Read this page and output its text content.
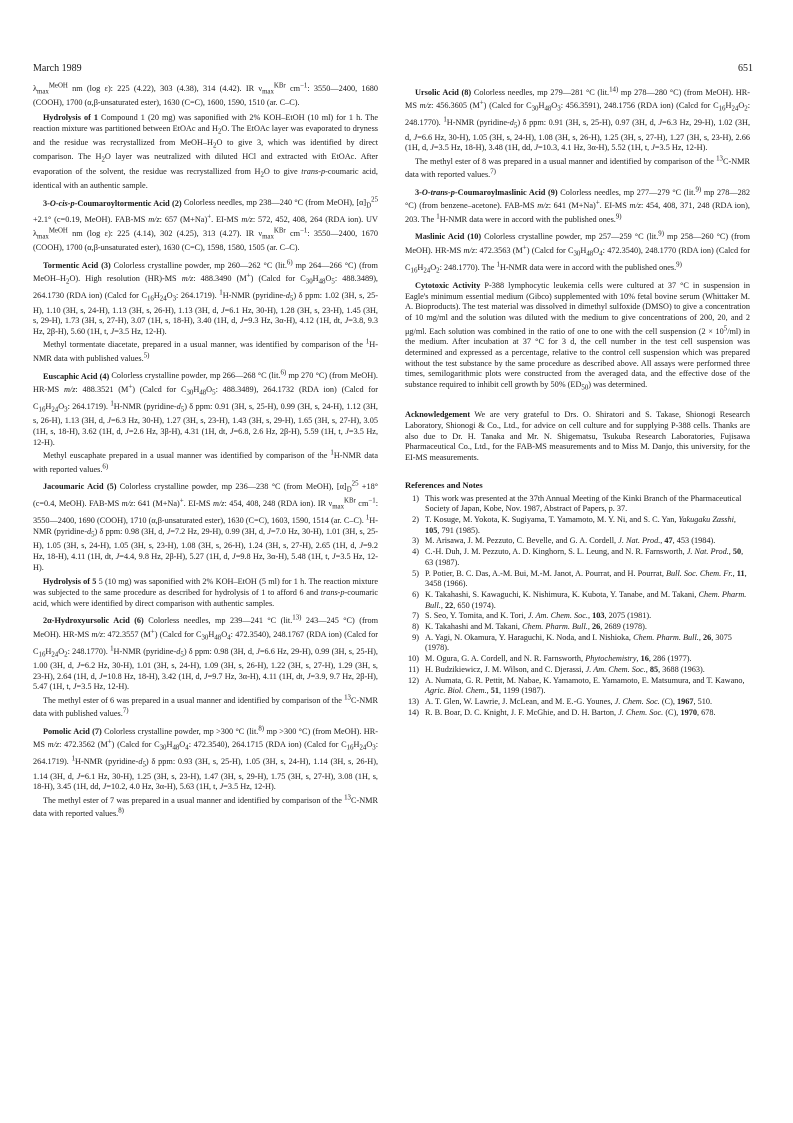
March 1989	651

$\lambda_{max}^{MeOH}$ nm (log ε): 225 (4.22), 303 (4.38), 314 (4.42). IR $\nu_{max}^{KBr}$ $cm^{-1}$: 3550—2400, 1680 (COOH), 1700 (α,β-unsaturated ester), 1630 (C=C), 1600, 1590, 1510 (ar. C–C).

Hydrolysis of 1 Compound 1 (20 mg) was saponified with 2% KOH–EtOH (10 ml) for 1 h. The reaction mixture was partitioned between EtOAc and $H_2O$. The EtOAc layer was evaporated to dryness and the residue was recrystallized from MeOH–$H_2O$ to give 3, which was identified by direct comparison. The $H_2O$ layer was neutralized with diluted HCl and extracted with EtOAc. After evaporation of the solvent, the residue was recrystallized from $H_2O$ to give trans-p-coumaric acid, identical with an authentic sample.

3-O-cis-p-Coumaroyltormentic Acid (2) Colorless needles, mp 238—240 °C (from MeOH), $[\alpha]_D^{25} +2.1^\circ$ (c=0.19, MeOH). FAB-MS m/z: 657 (M+Na)+. EI-MS m/z: 572, 452, 408, 264 (RDA ion). UV $\lambda_{max}^{MeOH}$ nm (log ε): 225 (4.14), 302 (4.25), 313 (4.27). IR $\nu_{max}^{KBr}$ $cm^{-1}$: 3550—2400, 1670 (COOH), 1700 (α,β-unsaturated ester), 1630 (C=C), 1598, 1580, 1505 (ar. C–C).

Tormentic Acid (3) Colorless crystalline powder, mp 260—262 °C (lit.$^{6)}$ mp 264—266 °C) (from MeOH–$H_2O$). High resolution (HR)-MS m/z: 488.3490 (M+) (Calcd for $C_{30}H_{48}O_5$: 488.3489), 264.1730 (RDA ion) (Calcd for $C_{16}H_{24}O_3$: 264.1719). $^1$H-NMR $(pyridine-d_5)$ δ ppm: 1.02 (3H, s, 25-H), 1.10 (3H, s, 24-H), 1.13 (3H, s, 26-H), 1.13 (3H, d, J=6.1 Hz, 30-H), 1.28 (3H, s, 23-H), 1.45 (3H, s, 29-H), 1.73 (3H, s, 27-H), 3.07 (1H, s, 18-H), 3.40 (1H, d, J=9.3 Hz, 3α-H), 4.12 (1H, dt, J=3.8, 9.3 Hz, 2β-H), 5.60 (1H, t, J=3.5 Hz, 12-H).

Methyl tormentate diacetate, prepared in a usual manner, was identified by comparison of the $^1$H-NMR data with published values.$^{5)}$

Euscaphic Acid (4) Colorless crystalline powder, mp 266—268 °C (lit.$^{6)}$ mp 270 °C) (from MeOH). HR-MS m/z: 488.3521 (M+) (Calcd for $C_{30}H_{48}O_5$: 488.3489), 264.1732 (RDA ion) (Calcd for $C_{16}H_{24}O_3$: 264.1719). $^1$H-NMR $(pyridine-d_5)$ δ ppm: 0.91 (3H, s, 25-H), 0.99 (3H, s, 24-H), 1.12 (3H, s, 26-H), 1.13 (3H, d, J=6.3 Hz, 30-H), 1.27 (3H, s, 23-H), 1.43 (3H, s, 29-H), 1.65 (3H, s, 27-H), 3.05 (1H, s, 18-H), 3.62 (1H, d, J=2.6 Hz, 3β-H), 4.31 (1H, dt, J=6.8, 2.6 Hz, 2β-H), 5.59 (1H, t, J=3.5 Hz, 12-H).

Methyl euscaphate prepared in a usual manner was identified by comparison of the $^1$H-NMR data with reported values.$^{6)}$

Jacoumaric Acid (5) Colorless crystalline powder, mp 236—238 °C (from MeOH), $[\alpha]_D^{25} +18^\circ$ (c=0.4, MeOH). FAB-MS m/z: 641 (M+Na)+. EI-MS m/z: 454, 408, 248 (RDA ion). IR $\nu_{max}^{KBr}$ $cm^{-1}$: 3550—2400, 1690 (COOH), 1710 (α,β-unsaturated ester), 1630 (C=C), 1603, 1590, 1514 (ar. C–C). $^1$H-NMR $(pyridine-d_5)$ δ ppm: 0.98 (3H, d, J=7.2 Hz, 29-H), 0.99 (3H, d, J=7.0 Hz, 30-H), 1.01 (3H, s, 25-H), 1.05 (3H, s, 24-H), 1.05 (3H, s, 23-H), 1.08 (3H, s, 26-H), 1.24 (3H, s, 27-H), 2.65 (1H, d, J=9.2 Hz, 18-H), 4.11 (1H, dt, J=4.4, 9.8 Hz, 2β-H), 5.27 (1H, d, J=9.8 Hz, 3α-H), 5.48 (1H, t, J=3.5 Hz, 12-H).

Hydrolysis of 5 5 (10 mg) was saponified with 2% KOH–EtOH (5 ml) for 1 h. The reaction mixture was subjected to the same procedure as described for hydrolysis of 1 to afford 6 and trans-p-coumaric acid, which were identified by direct comparison with authentic samples.

2α-Hydroxyursolic Acid (6) Colorless needles, mp 239—241 °C (lit.$^{13)}$ 243—245 °C) (from MeOH). HR-MS m/z: 472.3557 (M+) (Calcd for $C_{30}H_{48}O_4$: 472.3540), 248.1767 (RDA ion) (Calcd for $C_{16}H_{24}O_2$: 248.1770). $^1$H-NMR $(pyridine-d_5)$ δ ppm: 0.98 (3H, d, J=6.6 Hz, 29-H), 0.99 (3H, s, 25-H), 1.00 (3H, d, J=6.2 Hz, 30-H), 1.01 (3H, s, 24-H), 1.09 (3H, s, 26-H), 1.22 (3H, s, 27-H), 1.29 (3H, s, 23-H), 2.64 (1H, d, J=10.8 Hz, 18-H), 3.42 (1H, d, J=9.7 Hz, 3α-H), 4.11 (1H, dt, J=3.9, 9.7 Hz, 2β-H), 5.47 (1H, t, J=3.5 Hz, 12-H).

The methyl ester of 6 was prepared in a usual manner and identified by comparison of the $^{13}$C-NMR data with published values.$^{7)}$

Pomolic Acid (7) Colorless crystalline powder, mp >300 °C (lit.$^{8)}$ mp >300 °C) (from MeOH). HR-MS m/z: 472.3562 (M+) (Calcd for $C_{30}H_{48}O_4$: 472.3540), 264.1715 (RDA ion) (Calcd for $C_{16}H_{24}O_3$: 264.1719). $^1$H-NMR $(pyridine-d_5)$ δ ppm: 0.93 (3H, s, 25-H), 1.05 (3H, s, 24-H), 1.14 (3H, s, 26-H), 1.14 (3H, d, J=6.1 Hz, 30-H), 1.25 (3H, s, 23-H), 1.47 (3H, s, 29-H), 1.75 (3H, s, 27-H), 3.08 (1H, s, 18-H), 3.45 (1H, dd, J=10.2, 4.0 Hz, 3α-H), 5.63 (1H, t, J=3.5 Hz, 12-H).

The methyl ester of 7 was prepared in a usual manner and identified by comparison of the $^{13}$C-NMR data with reported values.$^{8)}$

Ursolic Acid (8) Colorless needles, mp 279—281 °C (lit.$^{14)}$ mp 278—280 °C) (from MeOH). HR-MS m/z: 456.3605 (M+) (Calcd for $C_{30}H_{48}O_3$: 456.3591), 248.1756 (RDA ion) (Calcd for $C_{16}H_{24}O_2$: 248.1770). $^1$H-NMR $(pyridine-d_5)$ δ ppm: 0.91 (3H, s, 25-H), 0.97 (3H, d, J=6.3 Hz, 29-H), 1.02 (3H, d, J=6.6 Hz, 30-H), 1.05 (3H, s, 24-H), 1.08 (3H, s, 26-H), 1.25 (3H, s, 27-H), 1.27 (3H, s, 23-H), 2.66 (1H, d, J=3.5 Hz, 18-H), 3.48 (1H, dd, J=10.3, 4.1 Hz, 3α-H), 5.52 (1H, t, J=3.5 Hz, 12-H).

The methyl ester of 8 was prepared in a usual manner and identified by comparison of the $^{13}$C-NMR data with reported values.$^{7)}$

3-O-trans-p-Coumaroylmaslinic Acid (9) Colorless needles, mp 277—279 °C (lit.$^{9)}$ mp 278—282 °C) (from benzene–acetone). FAB-MS m/z: 641 (M+Na)+. EI-MS m/z: 454, 408, 371, 248 (RDA ion), 203. The $^1$H-NMR data were in accord with the published ones.$^{9)}$

Maslinic Acid (10) Colorless crystalline powder, mp 257—259 °C (lit.$^{9)}$ mp 258—260 °C) (from MeOH). HR-MS m/z: 472.3563 (M+) (Calcd for $C_{30}H_{48}O_4$: 472.3540), 248.1770 (RDA ion) (Calcd for $C_{16}H_{24}O_2$: 248.1770). The $^1$H-NMR data were in accord with the published ones.$^{9)}$

Cytotoxic Activity P-388 lymphocytic leukemia cells were cultured at 37 °C in suspension in Eagle's minimum essential medium (Gibco) supplemented with 10% fetal bovine serum (Whittaker M. A. Bioproducts). The test material was dissolved in dimethyl sulfoxide (DMSO) to give a concentration of 10 mg/ml and the solution was diluted with the medium to give concentrations of 200, 20, and 2 μg/ml. Each solution was combined in the ratio of one to one with the cell suspension $(2 \times 10^5/ml)$ in the medium. After incubation at 37 °C for 3 d, the cell number in the test cell suspension was determined and expressed as a percentage, relative to the control cell suspension which was prepared without the test substance by the same procedure as described above. All assays were performed three times, semilogarithmic plots were constructed from the averaged data, and the effective dose of the substance required to inhibit cell growth by 50% $(ED_{50})$ was determined.

Acknowledgement We are very grateful to Drs. O. Shiratori and S. Takase, Shionogi Research Laboratory, Shionogi & Co., Ltd., for advice on cell culture and for supplying P-388 cells. Thanks are also due to Dr. H. Tanaka and Mr. N. Shigematsu, Tsukuba Research Laboratories, Fujisawa Pharmaceutical Co., Ltd., for the FAB-MS measurements and to Miss M. Danjo, this university, for the EI-MS measurements.

References and Notes
1) This work was presented at the 37th Annual Meeting of the Kinki Branch of the Pharmaceutical Society of Japan, Kobe, Nov. 1987, Abstract of Papers, p. 37.
2) T. Kosuge, M. Yokota, K. Sugiyama, T. Yamamoto, M. Y. Ni, and S. C. Yan, Yakugaku Zasshi, 105, 791 (1985).
3) M. Arisawa, J. M. Pezzuto, C. Bevelle, and G. A. Cordell, J. Nat. Prod., 47, 453 (1984).
4) C.-H. Duh, J. M. Pezzuto, A. D. Kinghorn, S. L. Leung, and N. R. Farnsworth, J. Nat. Prod., 50, 63 (1987).
5) P. Potier, B. C. Das, A.-M. Bui, M.-M. Janot, A. Pourrat, and H. Pourrat, Bull. Soc. Chem. Fr., 11, 3458 (1966).
6) K. Takahashi, S. Kawaguchi, K. Nishimura, K. Kubota, Y. Tanabe, and M. Takani, Chem. Pharm. Bull., 22, 650 (1974).
7) S. Seo, Y. Tomita, and K. Tori, J. Am. Chem. Soc., 103, 2075 (1981).
8) K. Takahashi and M. Takani, Chem. Pharm. Bull., 26, 2689 (1978).
9) A. Yagi, N. Okamura, Y. Haraguchi, K. Noda, and I. Nishioka, Chem. Pharm. Bull., 26, 3075 (1978).
10) M. Ogura, G. A. Cordell, and N. R. Farnsworth, Phytochemistry, 16, 286 (1977).
11) H. Budzikiewicz, J. M. Wilson, and C. Djerassi, J. Am. Chem. Soc., 85, 3688 (1963).
12) A. Numata, G. R. Pettit, M. Nabae, K. Yamamoto, E. Yamamoto, E. Matsumura, and T. Kawano, Agric. Biol. Chem., 51, 1199 (1987).
13) A. T. Glen, W. Lawrie, J. McLean, and M. E.-G. Younes, J. Chem. Soc. (C), 1967, 510.
14) R. B. Boar, D. C. Knight, J. F. McGhie, and D. H. Barton, J. Chem. Soc. (C), 1970, 678.
